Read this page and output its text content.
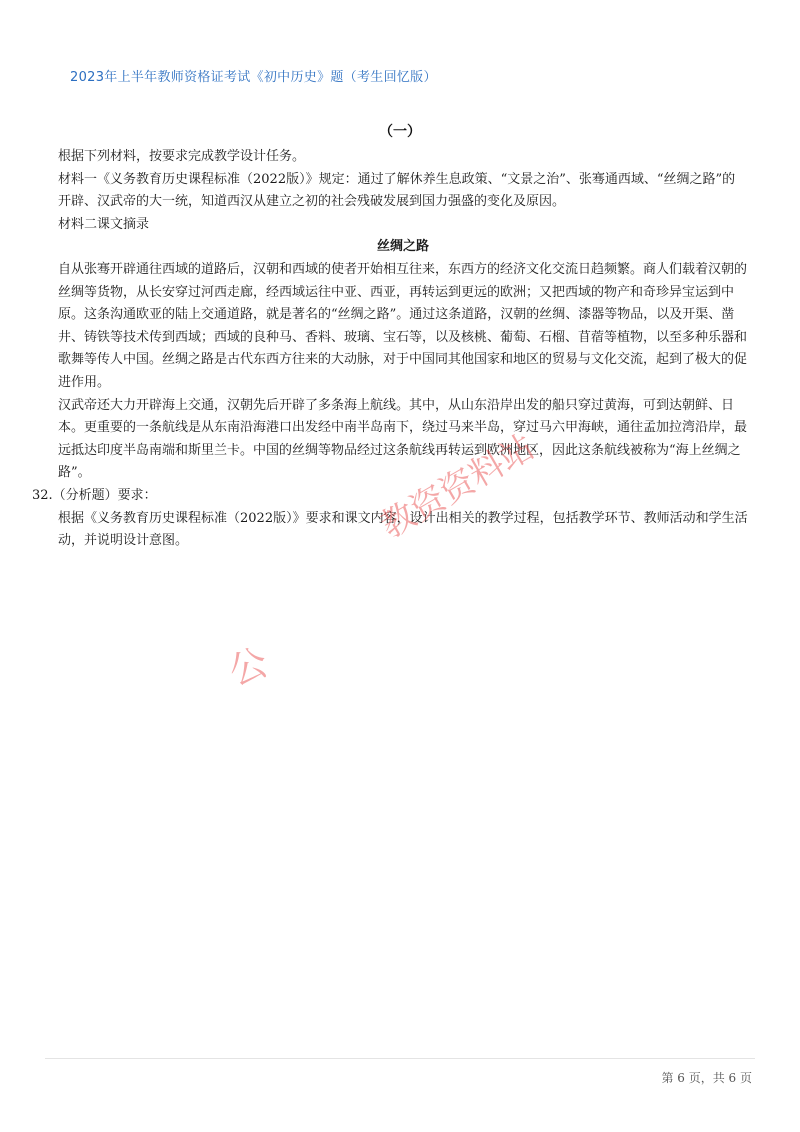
2023年上半年教师资格证考试《初中历史》题（考生回忆版）
（一）

根据下列材料，按要求完成教学设计任务。

材料一《义务教育历史课程标准（2022版）》规定：通过了解休养生息政策、“文景之治”、张骞通西域、“丝绸之路”的开辟、汉武帝的大一统，知道西汉从建立之初的社会残破发展到国力强盛的变化及原因。

材料二课文摘录

丝绸之路

自从张骞开辟通往西域的道路后，汉朝和西域的使者开始相互往来，东西方的经济文化交流日趋频繁。商人们载着汉朝的丝绸等货物，从长安穿过河西走廊，经西域运往中亚、西亚，再转运到更远的欧洲；又把西域的物产和奇珍异宝运到中原。这条沟通欧亚的陆上交通道路，就是著名的“丝绸之路”。通过这条道路，汉朝的丝绸、漆器等物品，以及开渠、凿井、铸铁等技术传到西域；西域的良种马、香料、玻璃、宝石等，以及核桃、葡萄、石榴、苜蓿等植物，以至多种乐器和歌舞等传人中国。丝绸之路是古代东西方往来的大动脉，对于中国同其他国家和地区的贸易与文化交流，起到了极大的促进作用。

汉武帝还大力开辟海上交通，汉朝先后开辟了多条海上航线。其中，从山东沿岸出发的船只穿过黄海，可到达朝鲜、日本。更重要的一条航线是从东南沿海港口出发经中南半岛南下，绕过马来半岛，穿过马六甲海峡，通往孟加拉湾沿岸，最远抵达印度半岛南端和斯里兰卡。中国的丝绸等物品经过这条航线再转运到欧洲地区，因此这条航线被称为“海上丝绸之路”。

32.（分析题）要求：

根据《义务教育历史课程标准（2022版）》要求和课文内容，设计出相关的教学过程，包括教学环节、教师活动和学生活动，并说明设计意图。	教资资料站
公
第 6 页，共 6 页
